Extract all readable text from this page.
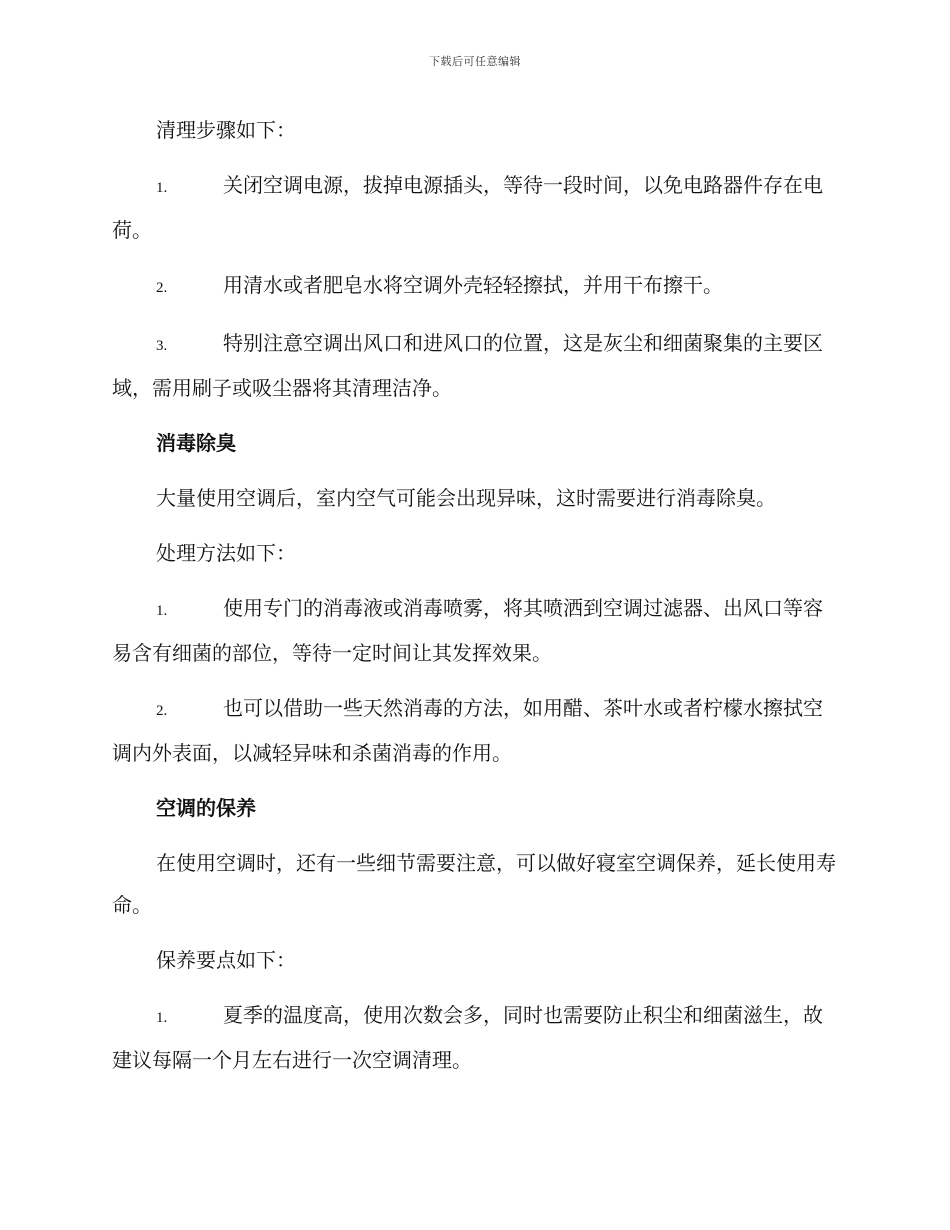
下载后可任意编辑

清理步骤如下：

1.	关闭空调电源，拔掉电源插头，等待一段时间，以免电路器件存在电荷。

2.	用清水或者肥皂水将空调外壳轻轻擦拭，并用干布擦干。

3.	特别注意空调出风口和进风口的位置，这是灰尘和细菌聚集的主要区域，需用刷子或吸尘器将其清理洁净。

消毒除臭

大量使用空调后，室内空气可能会出现异味，这时需要进行消毒除臭。

处理方法如下：

1.	使用专门的消毒液或消毒喷雾，将其喷洒到空调过滤器、出风口等容易含有细菌的部位，等待一定时间让其发挥效果。

2.	也可以借助一些天然消毒的方法，如用醋、茶叶水或者柠檬水擦拭空调内外表面，以减轻异味和杀菌消毒的作用。

空调的保养

在使用空调时，还有一些细节需要注意，可以做好寝室空调保养，延长使用寿命。

保养要点如下：

1.	夏季的温度高，使用次数会多，同时也需要防止积尘和细菌滋生，故建议每隔一个月左右进行一次空调清理。
